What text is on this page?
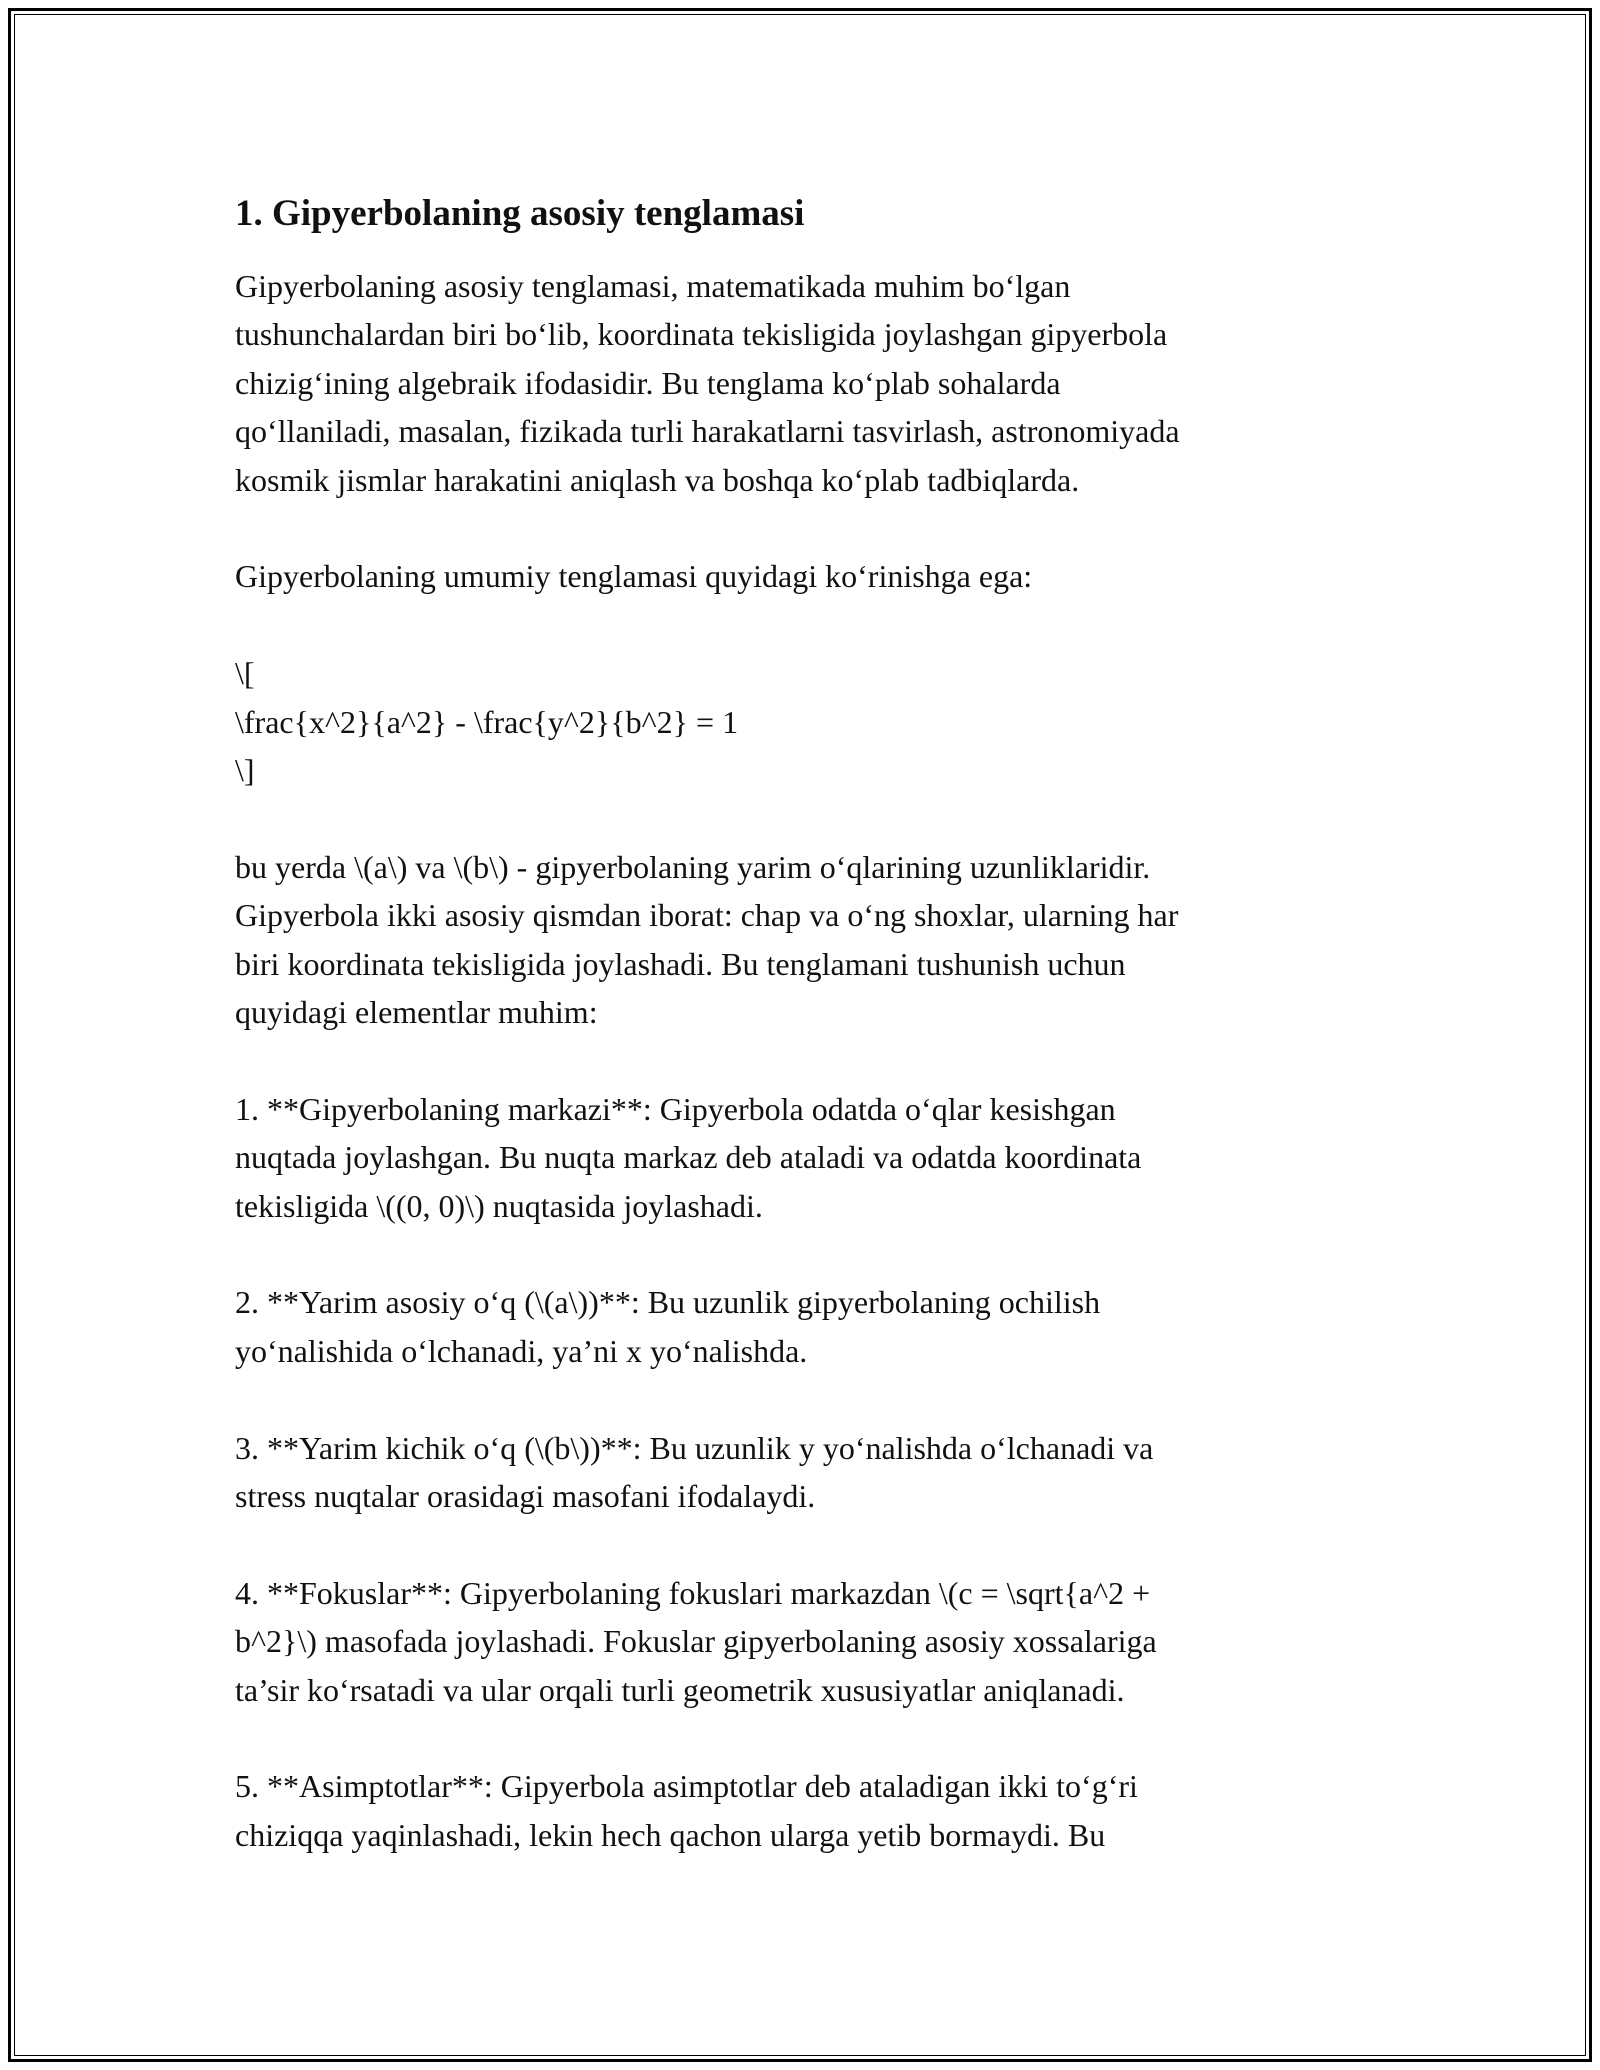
1. Gipyerbolaning asosiy tenglamasi

Gipyerbolaning asosiy tenglamasi, matematikada muhim bo‘lgan
tushunchalardan biri bo‘lib, koordinata tekisligida joylashgan gipyerbola
chizig‘ining algebraik ifodasidir. Bu tenglama ko‘plab sohalarda
qo‘llaniladi, masalan, fizikada turli harakatlarni tasvirlash, astronomiyada
kosmik jismlar harakatini aniqlash va boshqa ko‘plab tadbiqlarda.

Gipyerbolaning umumiy tenglamasi quyidagi ko‘rinishga ega:

\[
\frac{x^2}{a^2} - \frac{y^2}{b^2} = 1
\]

bu yerda \(a\) va \(b\) - gipyerbolaning yarim o‘qlarining uzunliklaridir.
Gipyerbola ikki asosiy qismdan iborat: chap va o‘ng shoxlar, ularning har
biri koordinata tekisligida joylashadi. Bu tenglamani tushunish uchun
quyidagi elementlar muhim:

1. **Gipyerbolaning markazi**: Gipyerbola odatda o‘qlar kesishgan
nuqtada joylashgan. Bu nuqta markaz deb ataladi va odatda koordinata
tekisligida \((0, 0)\) nuqtasida joylashadi.

2. **Yarim asosiy o‘q (\(a\))**: Bu uzunlik gipyerbolaning ochilish
yo‘nalishida o‘lchanadi, ya’ni x yo‘nalishda.

3. **Yarim kichik o‘q (\(b\))**: Bu uzunlik y yo‘nalishda o‘lchanadi va
stress nuqtalar orasidagi masofani ifodalaydi.

4. **Fokuslar**: Gipyerbolaning fokuslari markazdan \(c = \sqrt{a^2 +
b^2}\) masofada joylashadi. Fokuslar gipyerbolaning asosiy xossalariga
ta’sir ko‘rsatadi va ular orqali turli geometrik xususiyatlar aniqlanadi.

5. **Asimptotlar**: Gipyerbola asimptotlar deb ataladigan ikki to‘g‘ri
chiziqqa yaqinlashadi, lekin hech qachon ularga yetib bormaydi. Bu
